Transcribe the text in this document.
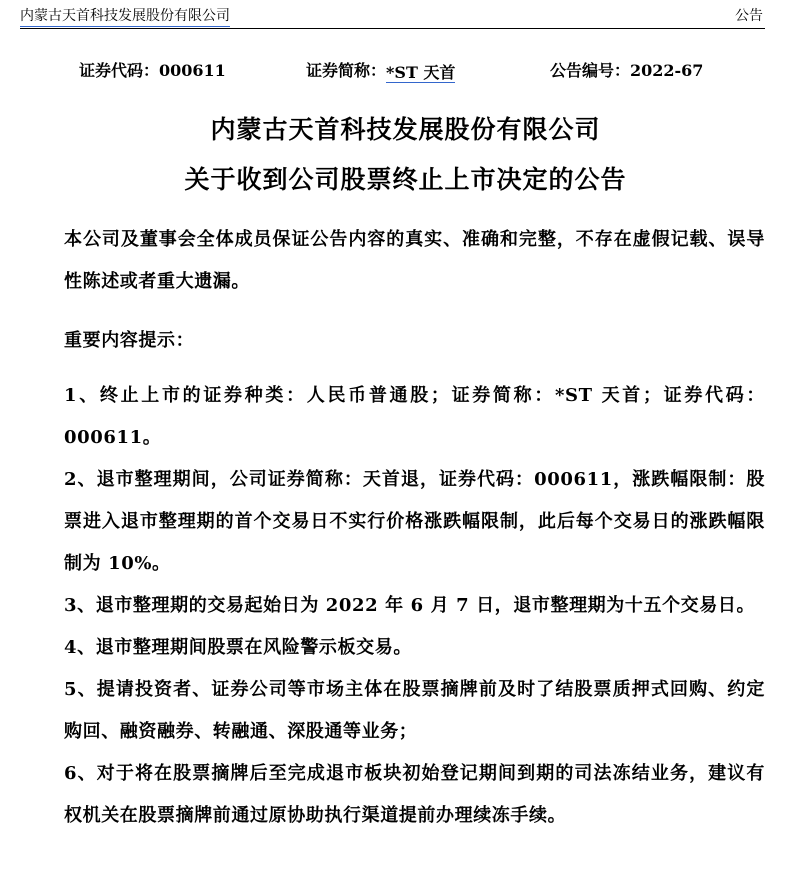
内蒙古天首科技发展股份有限公司	公告
证券代码：000611	证券简称：*ST 天首	公告编号：2022-67
内蒙古天首科技发展股份有限公司
关于收到公司股票终止上市决定的公告
本公司及董事会全体成员保证公告内容的真实、准确和完整，不存在虚假记载、误导性陈述或者重大遗漏。
重要内容提示：
1、终止上市的证券种类：人民币普通股；证券简称：*ST 天首；证券代码：000611。
2、退市整理期间，公司证券简称：天首退，证券代码：000611，涨跌幅限制：股票进入退市整理期的首个交易日不实行价格涨跌幅限制，此后每个交易日的涨跌幅限制为 10%。
3、退市整理期的交易起始日为 2022 年 6 月 7 日，退市整理期为十五个交易日。
4、退市整理期间股票在风险警示板交易。
5、提请投资者、证券公司等市场主体在股票摘牌前及时了结股票质押式回购、约定购回、融资融券、转融通、深股通等业务；
6、对于将在股票摘牌后至完成退市板块初始登记期间到期的司法冻结业务，建议有权机关在股票摘牌前通过原协助执行渠道提前办理续冻手续。
